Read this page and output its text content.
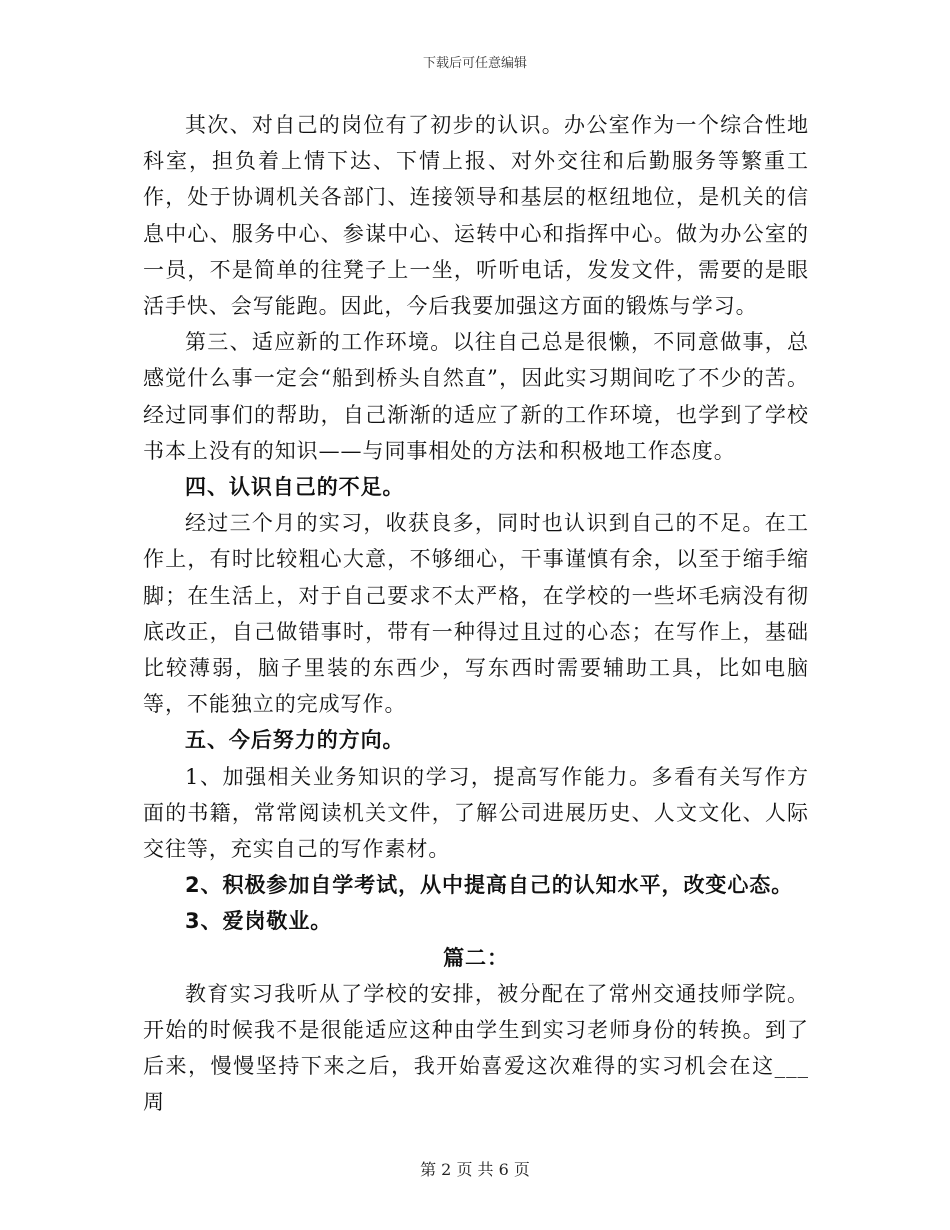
下载后可任意编辑

其次、对自己的岗位有了初步的认识。办公室作为一个综合性地科室，担负着上情下达、下情上报、对外交往和后勤服务等繁重工作，处于协调机关各部门、连接领导和基层的枢纽地位，是机关的信息中心、服务中心、参谋中心、运转中心和指挥中心。做为办公室的一员，不是简单的往凳子上一坐，听听电话，发发文件，需要的是眼活手快、会写能跑。因此，今后我要加强这方面的锻炼与学习。

第三、适应新的工作环境。以往自己总是很懒，不同意做事，总感觉什么事一定会“船到桥头自然直”，因此实习期间吃了不少的苦。经过同事们的帮助，自己渐渐的适应了新的工作环境，也学到了学校书本上没有的知识——与同事相处的方法和积极地工作态度。

四、认识自己的不足。

经过三个月的实习，收获良多，同时也认识到自己的不足。在工作上，有时比较粗心大意，不够细心，干事谨慎有余，以至于缩手缩脚；在生活上，对于自己要求不太严格，在学校的一些坏毛病没有彻底改正，自己做错事时，带有一种得过且过的心态；在写作上，基础比较薄弱，脑子里装的东西少，写东西时需要辅助工具，比如电脑等，不能独立的完成写作。

五、今后努力的方向。

1、加强相关业务知识的学习，提高写作能力。多看有关写作方面的书籍，常常阅读机关文件，了解公司进展历史、人文文化、人际交往等，充实自己的写作素材。

2、积极参加自学考试，从中提高自己的认知水平，改变心态。

3、爱岗敬业。

篇二：

教育实习我听从了学校的安排，被分配在了常州交通技师学院。开始的时候我不是很能适应这种由学生到实习老师身份的转换。到了后来，慢慢坚持下来之后，我开始喜爱这次难得的实习机会在这___周

第 2 页 共 6 页
